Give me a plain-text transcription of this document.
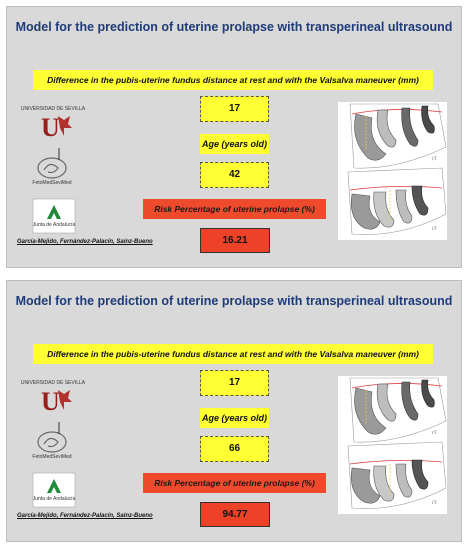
Model for the prediction of uterine prolapse with transperineal ultrasound
Difference in the pubis-uterine fundus distance at rest and with the Valsalva maneuver (mm)
17
Age (years old)
42
Risk Percentage of uterine prolapse (%)
16.21
García-Mejido, Fernández-Palacín, Sainz-Bueno
UNIVERSIDAD DE SEVILLA
U
FetoMedSeviMed
Junta de Andalucía
rT
rT
Model for the prediction of uterine prolapse with transperineal ultrasound
Difference in the pubis-uterine fundus distance at rest and with the Valsalva maneuver (mm)
17
Age (years old)
66
Risk Percentage of uterine prolapse (%)
94.77
García-Mejido, Fernández-Palacín, Sainz-Bueno
UNIVERSIDAD DE SEVILLA
U
FetoMedSeviMed
Junta de Andalucía
rT
rT
